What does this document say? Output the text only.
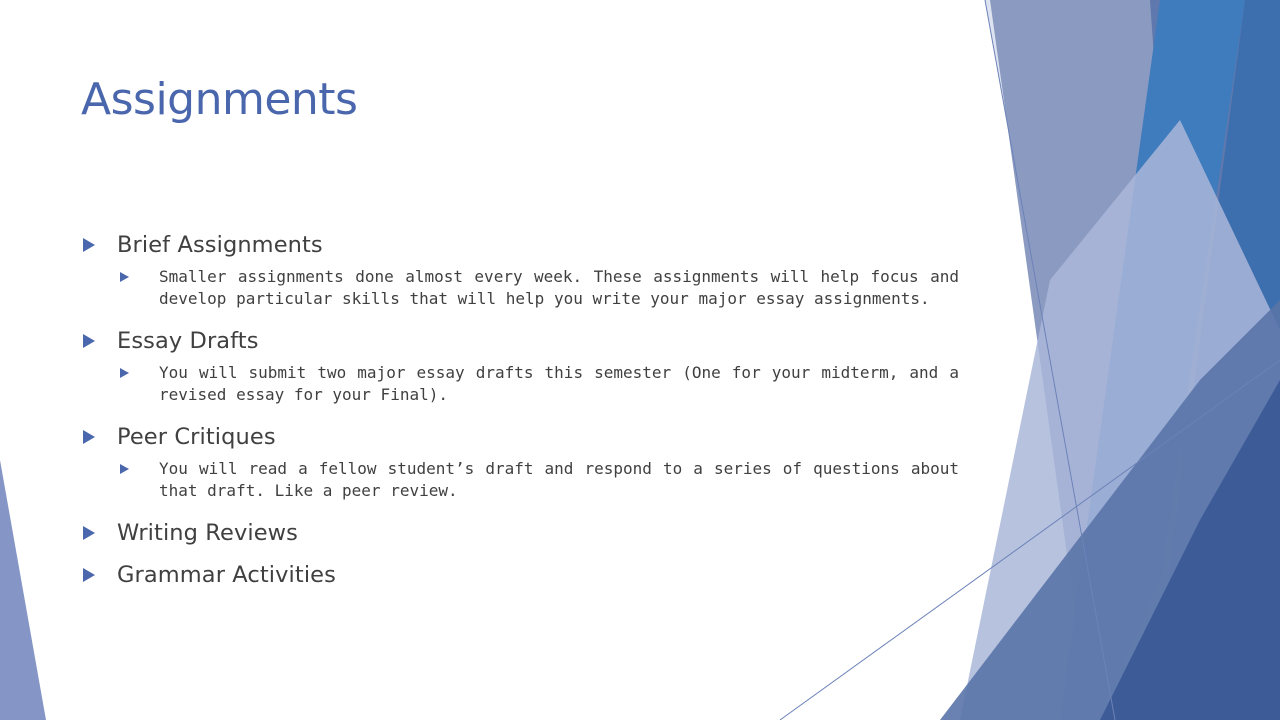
Assignments

Brief Assignments

Smaller assignments done almost every week. These assignments will help focus and develop particular skills that will help you write your major essay assignments.

Essay Drafts

You will submit two major essay drafts this semester (One for your midterm, and a revised essay for your Final).

Peer Critiques

You will read a fellow student’s draft and respond to a series of questions about that draft. Like a peer review.

Writing Reviews

Grammar Activities
